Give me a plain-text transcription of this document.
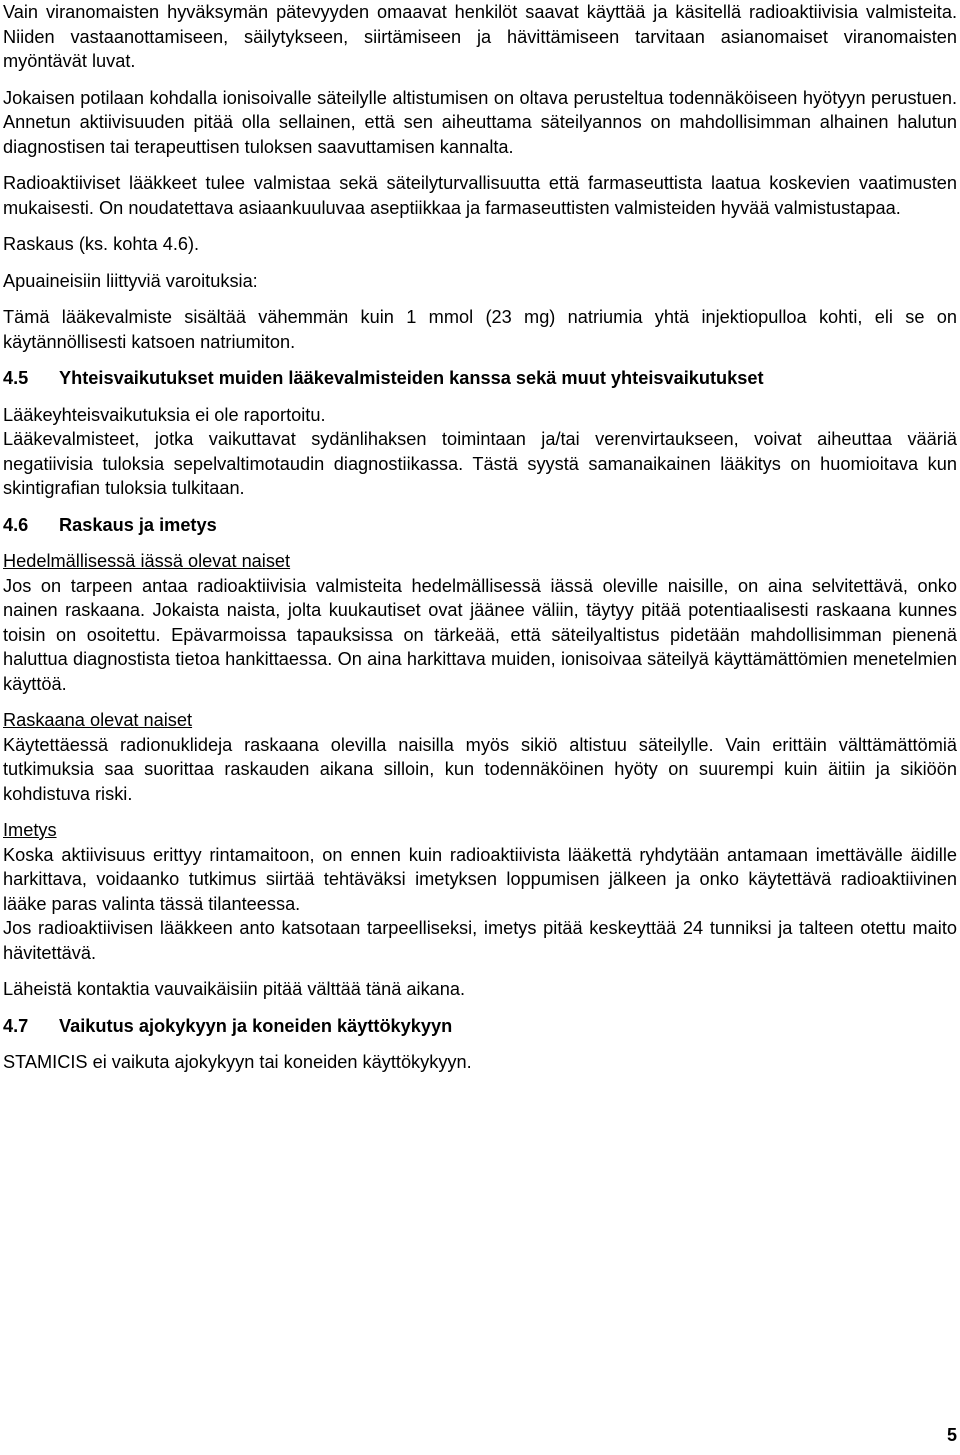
Vain viranomaisten hyväksymän pätevyyden omaavat henkilöt saavat käyttää ja käsitellä radioaktiivisia valmisteita. Niiden vastaanottamiseen, säilytykseen, siirtämiseen ja hävittämiseen tarvitaan asianomaiset viranomaisten myöntävät luvat.

Jokaisen potilaan kohdalla ionisoivalle säteilylle altistumisen on oltava perusteltua todennäköiseen hyötyyn perustuen. Annetun aktiivisuuden pitää olla sellainen, että sen aiheuttama säteilyannos on mahdollisimman alhainen halutun diagnostisen tai terapeuttisen tuloksen saavuttamisen kannalta.

Radioaktiiviset lääkkeet tulee valmistaa sekä säteilyturvallisuutta että farmaseuttista laatua koskevien vaatimusten mukaisesti. On noudatettava asiaankuuluvaa aseptiikkaa ja farmaseuttisten valmisteiden hyvää valmistustapaa.

Raskaus (ks. kohta 4.6).

Apuaineisiin liittyviä varoituksia:

Tämä lääkevalmiste sisältää vähemmän kuin 1 mmol (23 mg) natriumia yhtä injektiopulloa kohti, eli se on käytännöllisesti katsoen natriumiton.

4.5	Yhteisvaikutukset muiden lääkevalmisteiden kanssa sekä muut yhteisvaikutukset

Lääkeyhteisvaikutuksia ei ole raportoitu.

Lääkevalmisteet, jotka vaikuttavat sydänlihaksen toimintaan ja/tai verenvirtaukseen, voivat aiheuttaa vääriä negatiivisia tuloksia sepelvaltimotaudin diagnostiikassa. Tästä syystä samanaikainen lääkitys on huomioitava kun skintigrafian tuloksia tulkitaan.

4.6	Raskaus ja imetys

Hedelmällisessä iässä olevat naiset

Jos on tarpeen antaa radioaktiivisia valmisteita hedelmällisessä iässä oleville naisille, on aina selvitettävä, onko nainen raskaana. Jokaista naista, jolta kuukautiset ovat jäänee väliin, täytyy pitää potentiaalisesti raskaana kunnes toisin on osoitettu. Epävarmoissa tapauksissa on tärkeää, että säteilyaltistus pidetään mahdollisimman pienenä haluttua diagnostista tietoa hankittaessa. On aina harkittava muiden, ionisoivaa säteilyä käyttämättömien menetelmien käyttöä.

Raskaana olevat naiset

Käytettäessä radionuklideja raskaana olevilla naisilla myös sikiö altistuu säteilylle. Vain erittäin välttämättömiä tutkimuksia saa suorittaa raskauden aikana silloin, kun todennäköinen hyöty on suurempi kuin äitiin ja sikiöön kohdistuva riski.

Imetys

Koska aktiivisuus erittyy rintamaitoon, on ennen kuin radioaktiivista lääkettä ryhdytään antamaan imettävälle äidille harkittava, voidaanko tutkimus siirtää tehtäväksi imetyksen loppumisen jälkeen ja onko käytettävä radioaktiivinen lääke paras valinta tässä tilanteessa.

Jos radioaktiivisen lääkkeen anto katsotaan tarpeelliseksi, imetys pitää keskeyttää 24 tunniksi ja talteen otettu maito hävitettävä.

Läheistä kontaktia vauvaikäisiin pitää välttää tänä aikana.

4.7	Vaikutus ajokykyyn ja koneiden käyttökykyyn

STAMICIS ei vaikuta ajokykyyn tai koneiden käyttökykyyn.

5
